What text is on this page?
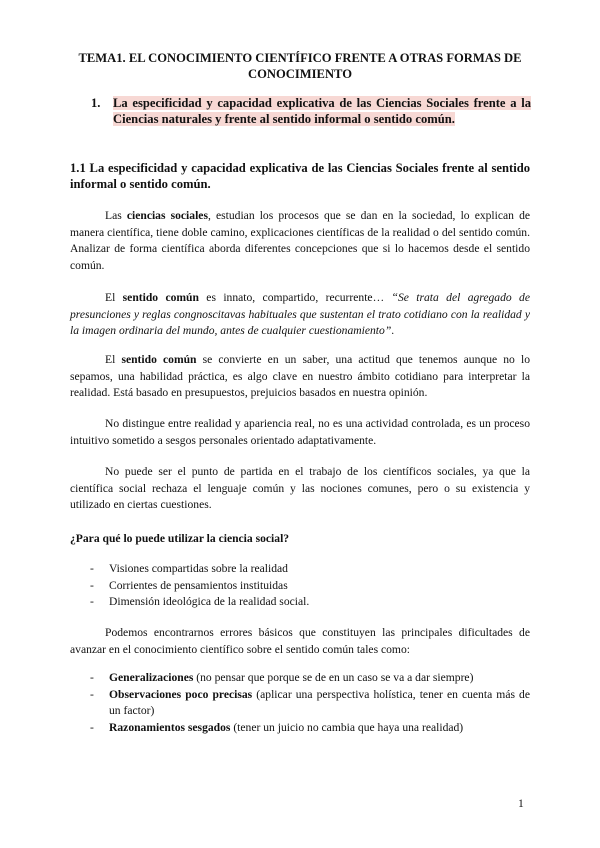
TEMA1. EL CONOCIMIENTO CIENTÍFICO FRENTE A OTRAS FORMAS DE
CONOCIMIENTO
1. La especificidad y capacidad explicativa de las Ciencias Sociales frente a la Ciencias naturales y frente al sentido informal o sentido común.
1.1 La especificidad y capacidad explicativa de las Ciencias Sociales frente al sentido informal o sentido común.

Las ciencias sociales, estudian los procesos que se dan en la sociedad, lo explican de manera científica, tiene doble camino, explicaciones científicas de la realidad o del sentido común. Analizar de forma científica aborda diferentes concepciones que si lo hacemos desde el sentido común.

El sentido común es innato, compartido, recurrente… “Se trata del agregado de presunciones y reglas congnoscitavas habituales que sustentan el trato cotidiano con la realidad y la imagen ordinaria del mundo, antes de cualquier cuestionamiento”.

El sentido común se convierte en un saber, una actitud que tenemos aunque no lo sepamos, una habilidad práctica, es algo clave en nuestro ámbito cotidiano para interpretar la realidad. Está basado en presupuestos, prejuicios basados en nuestra opinión.

No distingue entre realidad y apariencia real, no es una actividad controlada, es un proceso intuitivo sometido a sesgos personales orientado adaptativamente.

No puede ser el punto de partida en el trabajo de los científicos sociales, ya que la científica social rechaza el lenguaje común y las nociones comunes, pero o su existencia y utilizado en ciertas cuestiones.

¿Para qué lo puede utilizar la ciencia social?

- Visiones compartidas sobre la realidad
- Corrientes de pensamientos instituidas
- Dimensión ideológica de la realidad social.

Podemos encontrarnos errores básicos que constituyen las principales dificultades de avanzar en el conocimiento científico sobre el sentido común tales como:

- Generalizaciones (no pensar que porque se de en un caso se va a dar siempre)
- Observaciones poco precisas (aplicar una perspectiva holística, tener en cuenta más de un factor)
- Razonamientos sesgados (tener un juicio no cambia que haya una realidad)
1
